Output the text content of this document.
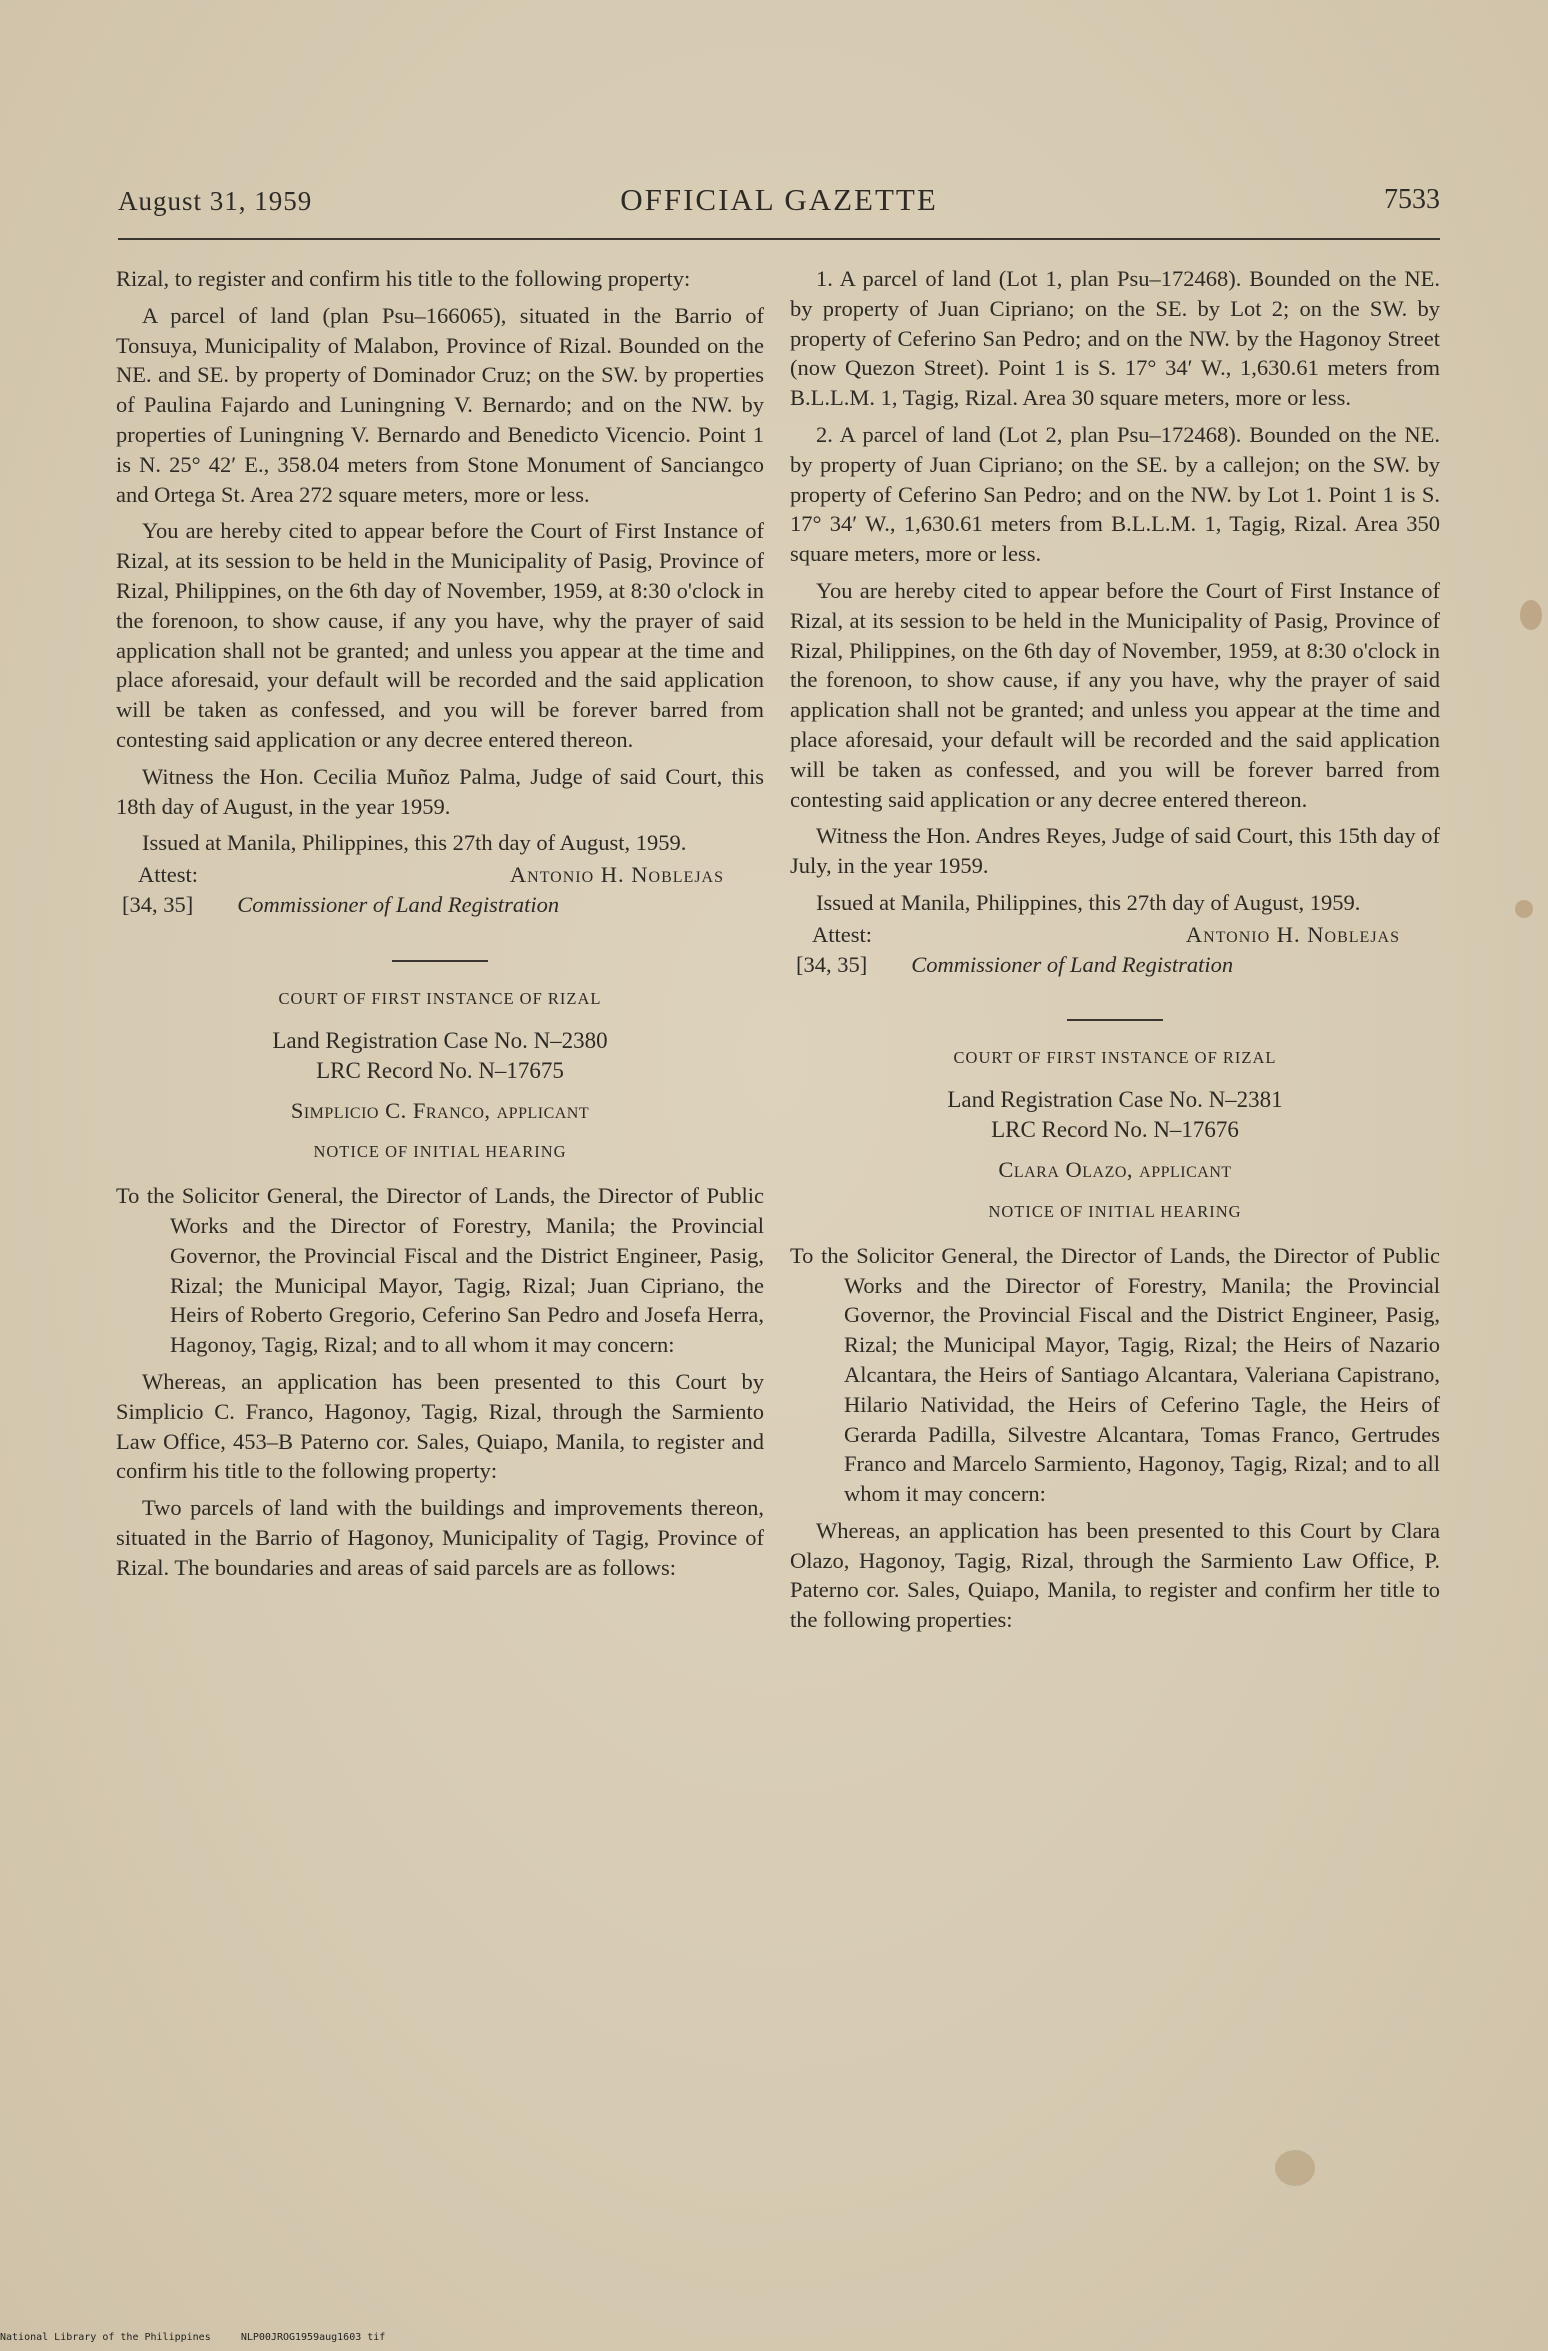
August 31, 1959	OFFICIAL GAZETTE	7533

Rizal, to register and confirm his title to the following property:

A parcel of land (plan Psu–166065), situated in the Barrio of Tonsuya, Municipality of Malabon, Province of Rizal. Bounded on the NE. and SE. by property of Dominador Cruz; on the SW. by properties of Paulina Fajardo and Luningning V. Bernardo; and on the NW. by properties of Luningning V. Bernardo and Benedicto Vicencio. Point 1 is N. 25° 42′ E., 358.04 meters from Stone Monument of Sanciangco and Ortega St. Area 272 square meters, more or less.

You are hereby cited to appear before the Court of First Instance of Rizal, at its session to be held in the Municipality of Pasig, Province of Rizal, Philippines, on the 6th day of November, 1959, at 8:30 o'clock in the forenoon, to show cause, if any you have, why the prayer of said application shall not be granted; and unless you appear at the time and place aforesaid, your default will be recorded and the said application will be taken as confessed, and you will be forever barred from contesting said application or any decree entered thereon.

Witness the Hon. Cecilia Muñoz Palma, Judge of said Court, this 18th day of August, in the year 1959.

Issued at Manila, Philippines, this 27th day of August, 1959.

Attest:	Antonio H. Noblejas
[34, 35] Commissioner of Land Registration

COURT OF FIRST INSTANCE OF RIZAL

Land Registration Case No. N–2380

LRC Record No. N–17675

Simplicio C. Franco, applicant

NOTICE OF INITIAL HEARING

To the Solicitor General, the Director of Lands, the Director of Public Works and the Director of Forestry, Manila; the Provincial Governor, the Provincial Fiscal and the District Engineer, Pasig, Rizal; the Municipal Mayor, Tagig, Rizal; Juan Cipriano, the Heirs of Roberto Gregorio, Ceferino San Pedro and Josefa Herra, Hagonoy, Tagig, Rizal; and to all whom it may concern:

Whereas, an application has been presented to this Court by Simplicio C. Franco, Hagonoy, Tagig, Rizal, through the Sarmiento Law Office, 453–B Paterno cor. Sales, Quiapo, Manila, to register and confirm his title to the following property:

Two parcels of land with the buildings and improvements thereon, situated in the Barrio of Hagonoy, Municipality of Tagig, Province of Rizal. The boundaries and areas of said parcels are as follows:

1. A parcel of land (Lot 1, plan Psu–172468). Bounded on the NE. by property of Juan Cipriano; on the SE. by Lot 2; on the SW. by property of Ceferino San Pedro; and on the NW. by the Hagonoy Street (now Quezon Street). Point 1 is S. 17° 34′ W., 1,630.61 meters from B.L.L.M. 1, Tagig, Rizal. Area 30 square meters, more or less.

2. A parcel of land (Lot 2, plan Psu–172468). Bounded on the NE. by property of Juan Cipriano; on the SE. by a callejon; on the SW. by property of Ceferino San Pedro; and on the NW. by Lot 1. Point 1 is S. 17° 34′ W., 1,630.61 meters from B.L.L.M. 1, Tagig, Rizal. Area 350 square meters, more or less.

You are hereby cited to appear before the Court of First Instance of Rizal, at its session to be held in the Municipality of Pasig, Province of Rizal, Philippines, on the 6th day of November, 1959, at 8:30 o'clock in the forenoon, to show cause, if any you have, why the prayer of said application shall not be granted; and unless you appear at the time and place aforesaid, your default will be recorded and the said application will be taken as confessed, and you will be forever barred from contesting said application or any decree entered thereon.

Witness the Hon. Andres Reyes, Judge of said Court, this 15th day of July, in the year 1959.

Issued at Manila, Philippines, this 27th day of August, 1959.

Attest:	Antonio H. Noblejas
[34, 35] Commissioner of Land Registration

COURT OF FIRST INSTANCE OF RIZAL

Land Registration Case No. N–2381

LRC Record No. N–17676

Clara Olazo, applicant

NOTICE OF INITIAL HEARING

To the Solicitor General, the Director of Lands, the Director of Public Works and the Director of Forestry, Manila; the Provincial Governor, the Provincial Fiscal and the District Engineer, Pasig, Rizal; the Municipal Mayor, Tagig, Rizal; the Heirs of Nazario Alcantara, the Heirs of Santiago Alcantara, Valeriana Capistrano, Hilario Natividad, the Heirs of Ceferino Tagle, the Heirs of Gerarda Padilla, Silvestre Alcantara, Tomas Franco, Gertrudes Franco and Marcelo Sarmiento, Hagonoy, Tagig, Rizal; and to all whom it may concern:

Whereas, an application has been presented to this Court by Clara Olazo, Hagonoy, Tagig, Rizal, through the Sarmiento Law Office, P. Paterno cor. Sales, Quiapo, Manila, to register and confirm her title to the following properties:

National Library of the Philippines     NLP00JROG1959aug1603 tif
